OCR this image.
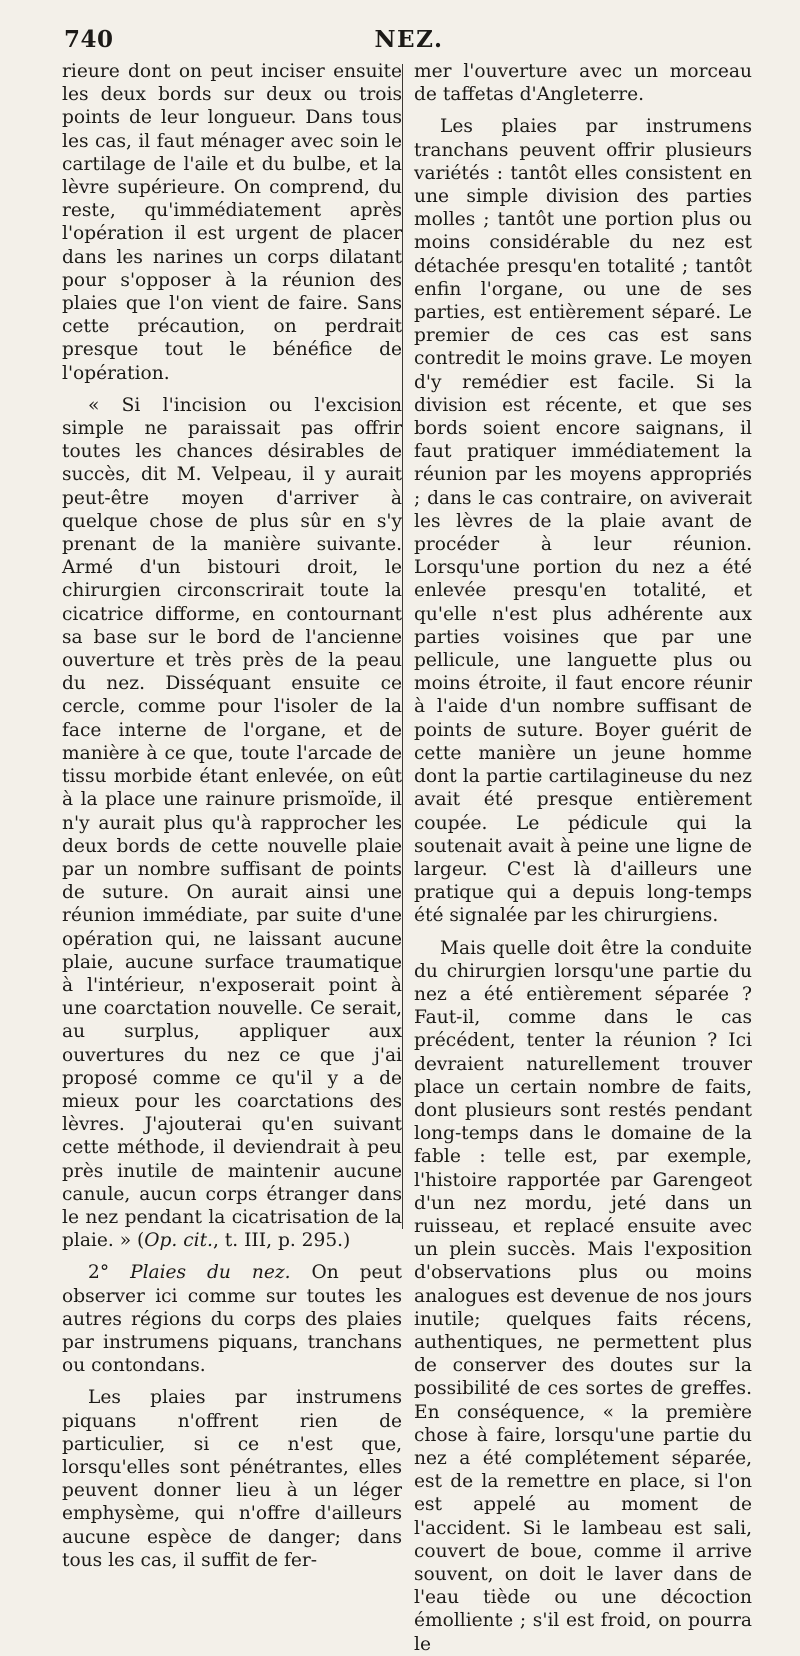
740	NEZ.

rieure dont on peut inciser ensuite les deux bords sur deux ou trois points de leur longueur. Dans tous les cas, il faut ménager avec soin le cartilage de l'aile et du bulbe, et la lèvre supérieure. On comprend, du reste, qu'immédiatement après l'opération il est urgent de placer dans les narines un corps dilatant pour s'opposer à la réunion des plaies que l'on vient de faire. Sans cette précaution, on perdrait presque tout le bénéfice de l'opération.

« Si l'incision ou l'excision simple ne paraissait pas offrir toutes les chances désirables de succès, dit M. Velpeau, il y aurait peut-être moyen d'arriver à quelque chose de plus sûr en s'y prenant de la manière suivante. Armé d'un bistouri droit, le chirurgien circonscrirait toute la cicatrice difforme, en contournant sa base sur le bord de l'ancienne ouverture et très près de la peau du nez. Disséquant ensuite ce cercle, comme pour l'isoler de la face interne de l'organe, et de manière à ce que, toute l'arcade de tissu morbide étant enlevée, on eût à la place une rainure prismoïde, il n'y aurait plus qu'à rapprocher les deux bords de cette nouvelle plaie par un nombre suffisant de points de suture. On aurait ainsi une réunion immédiate, par suite d'une opération qui, ne laissant aucune plaie, aucune surface traumatique à l'intérieur, n'exposerait point à une coarctation nouvelle. Ce serait, au surplus, appliquer aux ouvertures du nez ce que j'ai proposé comme ce qu'il y a de mieux pour les coarctations des lèvres. J'ajouterai qu'en suivant cette méthode, il deviendrait à peu près inutile de maintenir aucune canule, aucun corps étranger dans le nez pendant la cicatrisation de la plaie. » (Op. cit., t. III, p. 295.)

2° Plaies du nez. On peut observer ici comme sur toutes les autres régions du corps des plaies par instrumens piquans, tranchans ou contondans.

Les plaies par instrumens piquans n'offrent rien de particulier, si ce n'est que, lorsqu'elles sont pénétrantes, elles peuvent donner lieu à un léger emphysème, qui n'offre d'ailleurs aucune espèce de danger; dans tous les cas, il suffit de fer-

mer l'ouverture avec un morceau de taffetas d'Angleterre.

Les plaies par instrumens tranchans peuvent offrir plusieurs variétés : tantôt elles consistent en une simple division des parties molles ; tantôt une portion plus ou moins considérable du nez est détachée presqu'en totalité ; tantôt enfin l'organe, ou une de ses parties, est entièrement séparé. Le premier de ces cas est sans contredit le moins grave. Le moyen d'y remédier est facile. Si la division est récente, et que ses bords soient encore saignans, il faut pratiquer immédiatement la réunion par les moyens appropriés ; dans le cas contraire, on aviverait les lèvres de la plaie avant de procéder à leur réunion. Lorsqu'une portion du nez a été enlevée presqu'en totalité, et qu'elle n'est plus adhérente aux parties voisines que par une pellicule, une languette plus ou moins étroite, il faut encore réunir à l'aide d'un nombre suffisant de points de suture. Boyer guérit de cette manière un jeune homme dont la partie cartilagineuse du nez avait été presque entièrement coupée. Le pédicule qui la soutenait avait à peine une ligne de largeur. C'est là d'ailleurs une pratique qui a depuis long-temps été signalée par les chirurgiens.

Mais quelle doit être la conduite du chirurgien lorsqu'une partie du nez a été entièrement séparée ? Faut-il, comme dans le cas précédent, tenter la réunion ? Ici devraient naturellement trouver place un certain nombre de faits, dont plusieurs sont restés pendant long-temps dans le domaine de la fable : telle est, par exemple, l'histoire rapportée par Garengeot d'un nez mordu, jeté dans un ruisseau, et replacé ensuite avec un plein succès. Mais l'exposition d'observations plus ou moins analogues est devenue de nos jours inutile; quelques faits récens, authentiques, ne permettent plus de conserver des doutes sur la possibilité de ces sortes de greffes. En conséquence, « la première chose à faire, lorsqu'une partie du nez a été complétement séparée, est de la remettre en place, si l'on est appelé au moment de l'accident. Si le lambeau est sali, couvert de boue, comme il arrive souvent, on doit le laver dans de l'eau tiède ou une décoction émolliente ; s'il est froid, on pourra le
